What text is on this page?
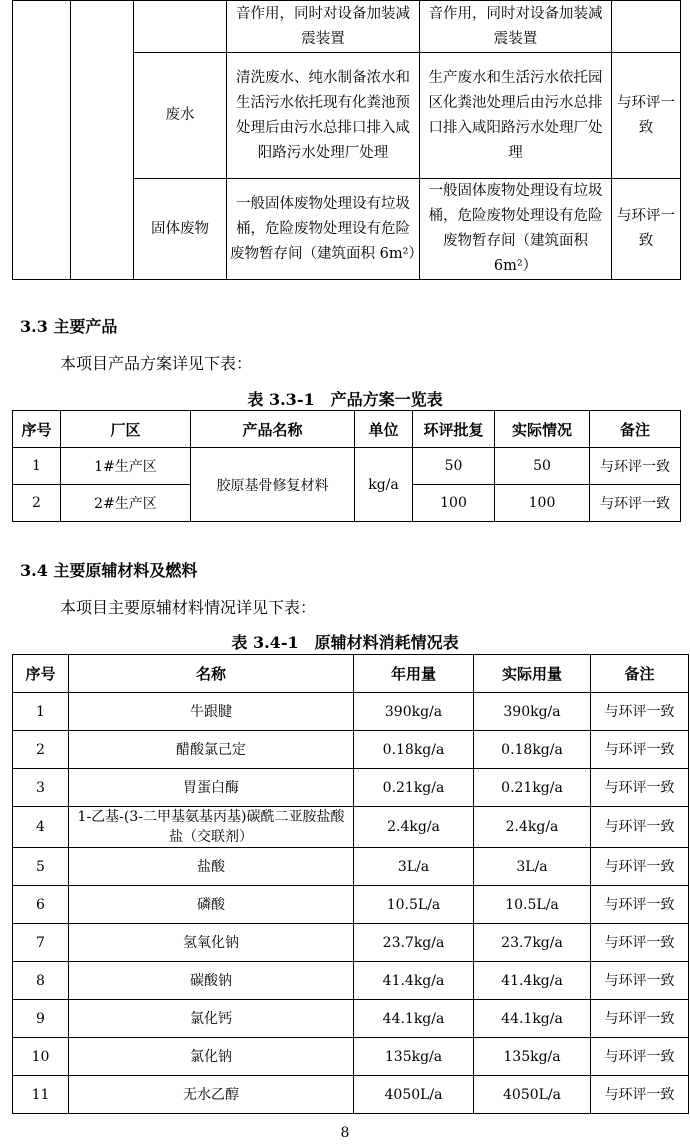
			音作用，同时对设备加装减震装置	音作用，同时对设备加装减震装置	
		废水	清洗废水、纯水制备浓水和生活污水依托现有化粪池预处理后由污水总排口排入咸阳路污水处理厂处理	生产废水和生活污水依托园区化粪池处理后由污水总排口排入咸阳路污水处理厂处理	与环评一致
		固体废物	一般固体废物处理设有垃圾桶，危险废物处理设有危险废物暂存间（建筑面积 6m²）	一般固体废物处理设有垃圾桶，危险废物处理设有危险废物暂存间（建筑面积 6m²）	与环评一致
3.3 主要产品
本项目产品方案详见下表：
表 3.3-1　产品方案一览表
序号	厂区	产品名称	单位	环评批复	实际情况	备注
1	1#生产区	胶原基骨修复材料	kg/a	50	50	与环评一致
2	2#生产区			100	100	与环评一致
3.4 主要原辅材料及燃料
本项目主要原辅材料情况详见下表：
表 3.4-1　原辅材料消耗情况表
序号	名称	年用量	实际用量	备注
1	牛跟腱	390kg/a	390kg/a	与环评一致
2	醋酸氯己定	0.18kg/a	0.18kg/a	与环评一致
3	胃蛋白酶	0.21kg/a	0.21kg/a	与环评一致
4	1-乙基-(3-二甲基氨基丙基)碳酰二亚胺盐酸盐（交联剂）	2.4kg/a	2.4kg/a	与环评一致
5	盐酸	3L/a	3L/a	与环评一致
6	磷酸	10.5L/a	10.5L/a	与环评一致
7	氢氧化钠	23.7kg/a	23.7kg/a	与环评一致
8	碳酸钠	41.4kg/a	41.4kg/a	与环评一致
9	氯化钙	44.1kg/a	44.1kg/a	与环评一致
10	氯化钠	135kg/a	135kg/a	与环评一致
11	无水乙醇	4050L/a	4050L/a	与环评一致
8
